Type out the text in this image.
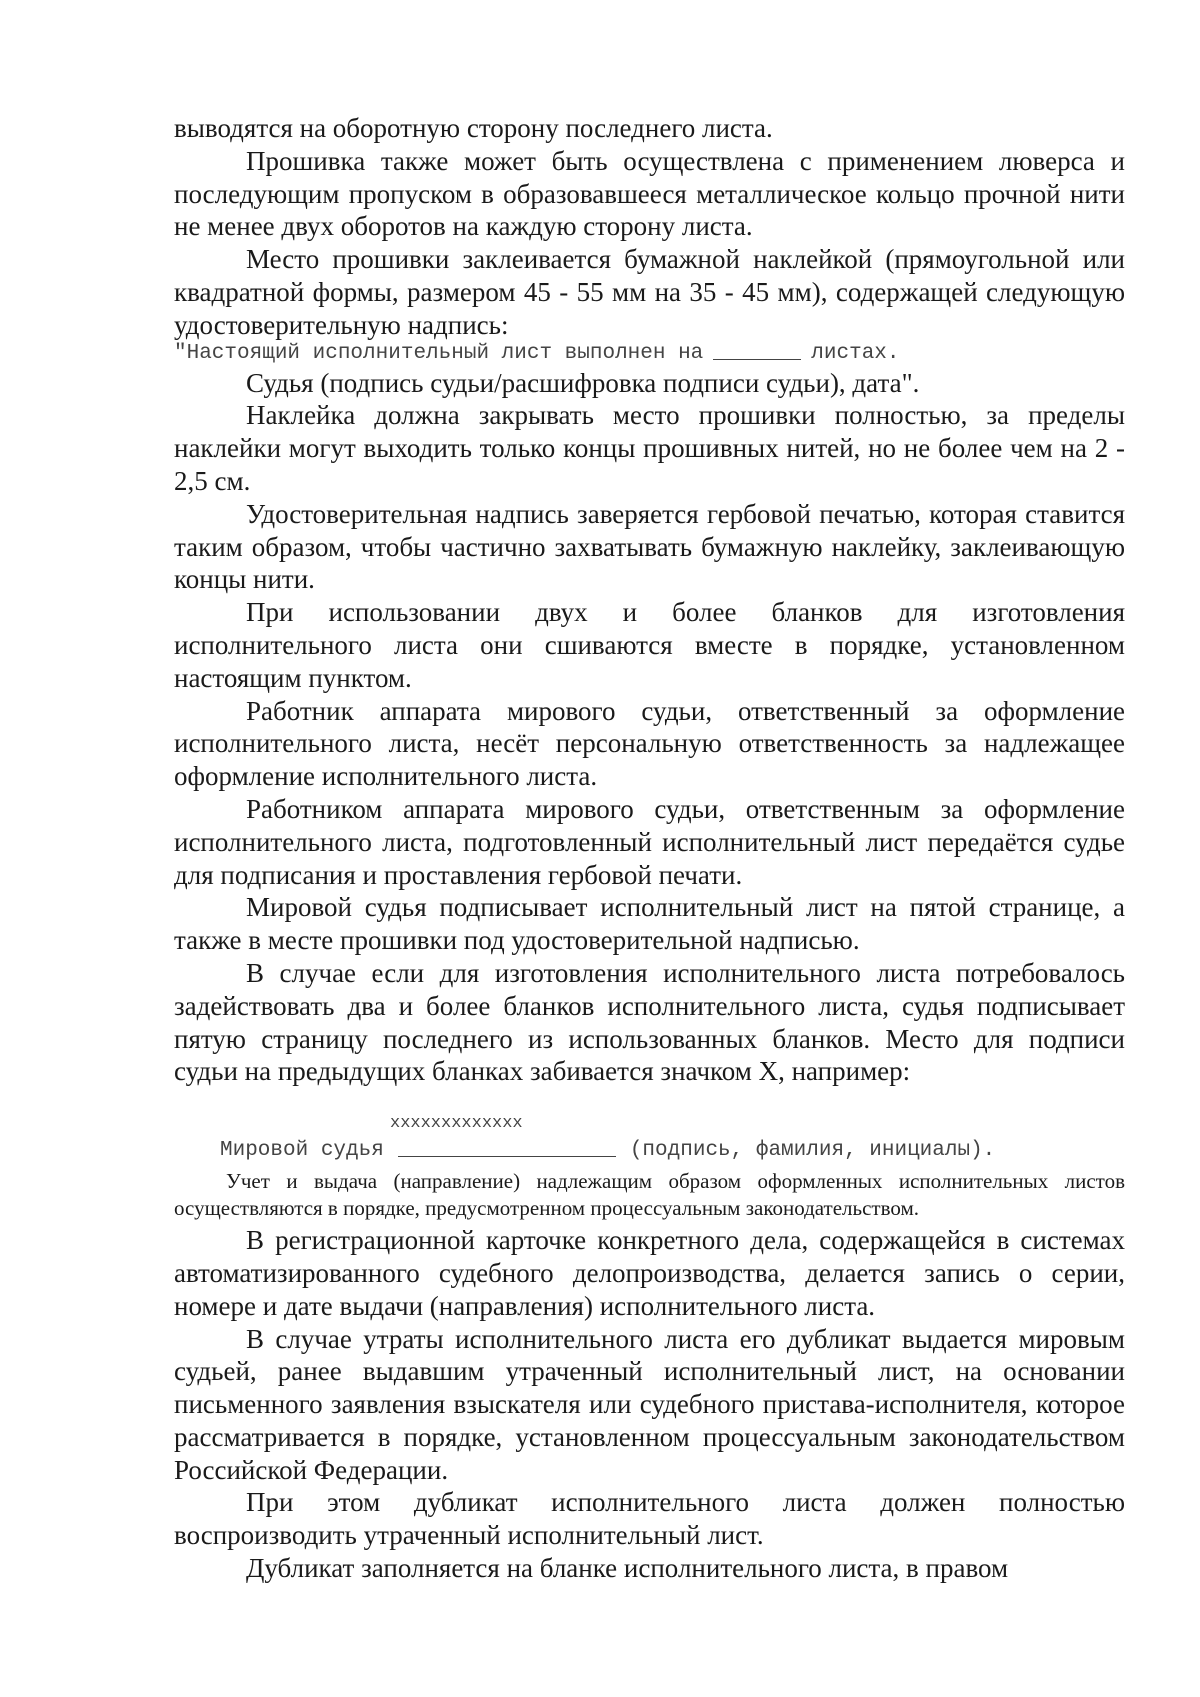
выводятся на оборотную сторону последнего листа.

Прошивка также может быть осуществлена с применением люверса и последующим пропуском в образовавшееся металлическое кольцо прочной нити не менее двух оборотов на каждую сторону листа.

Место прошивки заклеивается бумажной наклейкой (прямоугольной или квадратной формы, размером 45 - 55 мм на 35 - 45 мм), содержащей следующую удостоверительную надпись:

"Настоящий исполнительный лист выполнен на	листах.

Судья (подпись судьи/расшифровка подписи судьи), дата".

Наклейка должна закрывать место прошивки полностью, за пределы наклейки могут выходить только концы прошивных нитей, но не более чем на 2 - 2,5 см.

Удостоверительная надпись заверяется гербовой печатью, которая ставится таким образом, чтобы частично захватывать бумажную наклейку, заклеивающую концы нити.

При использовании двух и более бланков для изготовления исполнительного листа они сшиваются вместе в порядке, установленном настоящим пунктом.

Работник аппарата мирового судьи, ответственный за оформление исполнительного листа, несёт персональную ответственность за надлежащее оформление исполнительного листа.

Работником аппарата мирового судьи, ответственным за оформление исполнительного листа, подготовленный исполнительный лист передаётся судье для подписания и проставления гербовой печати.

Мировой судья подписывает исполнительный лист на пятой странице, а также в месте прошивки под удостоверительной надписью.

В случае если для изготовления исполнительного листа потребовалось задействовать два и более бланков исполнительного листа, судья подписывает пятую страницу последнего из использованных бланков. Место для подписи судьи на предыдущих бланках забивается значком Х, например:

ххххххххххххх
Мировой судья	(подпись, фамилия, инициалы).

Учет и выдача (направление) надлежащим образом оформленных исполнительных листов осуществляются в порядке, предусмотренном процессуальным законодательством.

В регистрационной карточке конкретного дела, содержащейся в системах автоматизированного судебного делопроизводства, делается запись о серии, номере и дате выдачи (направления) исполнительного листа.

В случае утраты исполнительного листа его дубликат выдается мировым судьей, ранее выдавшим утраченный исполнительный лист, на основании письменного заявления взыскателя или судебного пристава-исполнителя, которое рассматривается в порядке, установленном процессуальным законодательством Российской Федерации.

При этом дубликат исполнительного листа должен полностью воспроизводить утраченный исполнительный лист.

Дубликат заполняется на бланке исполнительного листа, в правом
